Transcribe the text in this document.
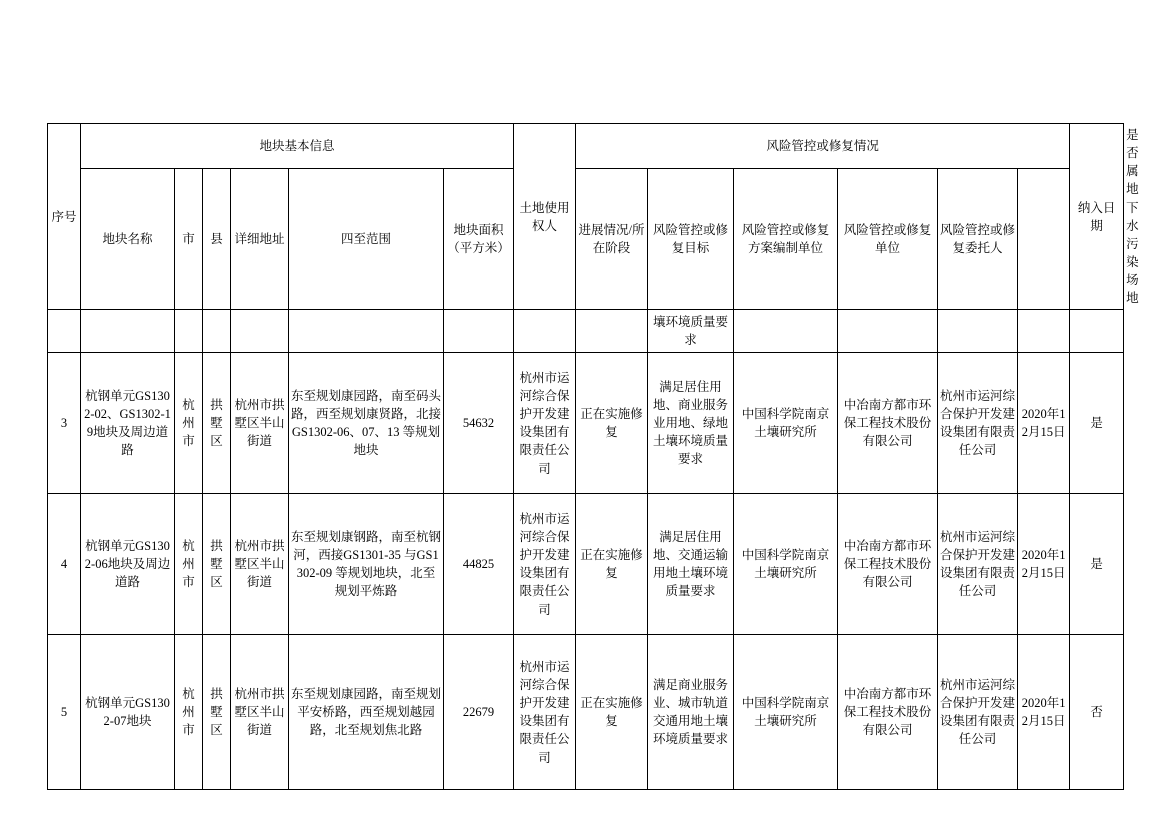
序号	地块基本信息						土地使用权人	风险管控或修复情况						纳入日期	是否属地下水污染场地
	地块名称	市	县	详细地址	四至范围	地块面积（平方米）		进展情况/所在阶段	风险管控或修复目标	风险管控或修复方案编制单位	风险管控或修复单位	风险管控或修复委托人			
									壤环境质量要求						
3	杭钢单元GS1302-02、GS1302-19地块及周边道路	杭州市	拱墅区	杭州市拱墅区半山街道	东至规划康园路，南至码头路，西至规划康贤路，北接 GS1302-06、07、13 等规划地块	54632	杭州市运河综合保护开发建设集团有限责任公司	正在实施修复	满足居住用地、商业服务业用地、绿地土壤环境质量要求	中国科学院南京土壤研究所	中冶南方都市环保工程技术股份有限公司	杭州市运河综合保护开发建设集团有限责任公司	2020年12月15日	是	
4	杭钢单元GS1302-06地块及周边道路	杭州市	拱墅区	杭州市拱墅区半山街道	东至规划康钢路，南至杭钢河，西接GS1301-35 与GS1302-09 等规划地块，北至规划平炼路	44825	杭州市运河综合保护开发建设集团有限责任公司	正在实施修复	满足居住用地、交通运输用地土壤环境质量要求	中国科学院南京土壤研究所	中冶南方都市环保工程技术股份有限公司	杭州市运河综合保护开发建设集团有限责任公司	2020年12月15日	是	
5	杭钢单元GS1302-07地块	杭州市	拱墅区	杭州市拱墅区半山街道	东至规划康园路，南至规划平安桥路，西至规划越园路，北至规划焦北路	22679	杭州市运河综合保护开发建设集团有限责任公司	正在实施修复	满足商业服务业、城市轨道交通用地土壤环境质量要求	中国科学院南京土壤研究所	中冶南方都市环保工程技术股份有限公司	杭州市运河综合保护开发建设集团有限责任公司	2020年12月15日	否	
